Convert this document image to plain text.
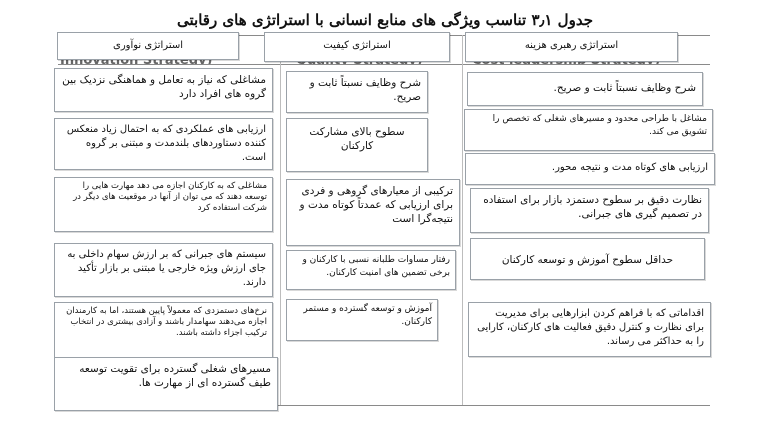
جدول ۳٫۱ تناسب ویژگی های منابع انسانی با استراتژی های رقابتی
استراتژی نوآوری	استراتژی کیفیت	استراتژی رهبری هزینه
مشاغلی که نیاز به تعامل و هماهنگی نزدیک بین گروه های افراد دارد
ارزیابی های عملکردی که به احتمال زیاد منعکس کننده دستاوردهای بلندمدت و مبتنی بر گروه است.
مشاغلی که به کارکنان اجازه می دهد مهارت هایی را توسعه دهند که می توان از آنها در موقعیت های دیگر در شرکت استفاده کرد
سیستم های جبرانی که بر ارزش سهام داخلی به جای ارزش ویژه خارجی یا مبتنی بر بازار تأکید دارند.
نرخ‌های دستمزدی که معمولاً پایین هستند، اما به کارمندان اجازه می‌دهند سهامدار باشند و آزادی بیشتری در انتخاب ترکیب اجزاء داشته باشند.
مسیرهای شغلی گسترده برای تقویت توسعه طیف گسترده ای از مهارت ها.
شرح وظایف نسبتاً ثابت و صریح.
سطوح بالای مشارکت کارکنان
ترکیبی از معیارهای گروهی و فردی برای ارزیابی که عمدتاً کوتاه مدت و نتیجه‌گرا است
رفتار مساوات طلبانه نسبی با کارکنان و برخی تضمین های امنیت کارکنان.
آموزش و توسعه گسترده و مستمر کارکنان.
شرح وظایف نسبتاً ثابت و صریح.
مشاغل با طراحی محدود و مسیرهای شغلی که تخصص را تشویق می کند.
ارزیابی های کوتاه مدت و نتیجه محور.
نظارت دقیق بر سطوح دستمزد بازار برای استفاده در تصمیم گیری های جبرانی.
حداقل سطوح آموزش و توسعه کارکنان
اقداماتی که با فراهم کردن ابزارهایی برای مدیریت برای نظارت و کنترل دقیق فعالیت های کارکنان، کارایی را به حداکثر می رساند.
